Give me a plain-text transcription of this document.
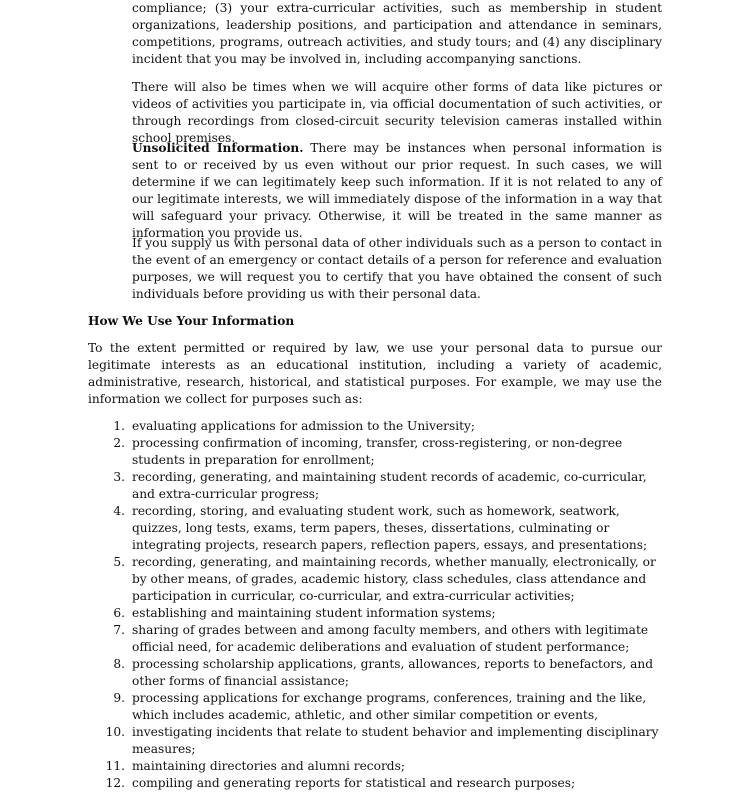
compliance; (3) your extra-curricular activities, such as membership in student organizations, leadership positions, and participation and attendance in seminars, competitions, programs, outreach activities, and study tours; and (4) any disciplinary incident that you may be involved in, including accompanying sanctions.

There will also be times when we will acquire other forms of data like pictures or videos of activities you participate in, via official documentation of such activities, or through recordings from closed-circuit security television cameras installed within school premises.

Unsolicited Information. There may be instances when personal information is sent to or received by us even without our prior request. In such cases, we will determine if we can legitimately keep such information. If it is not related to any of our legitimate interests, we will immediately dispose of the information in a way that will safeguard your privacy. Otherwise, it will be treated in the same manner as information you provide us.

If you supply us with personal data of other individuals such as a person to contact in the event of an emergency or contact details of a person for reference and evaluation purposes, we will request you to certify that you have obtained the consent of such individuals before providing us with their personal data.

How We Use Your Information

To the extent permitted or required by law, we use your personal data to pursue our legitimate interests as an educational institution, including a variety of academic, administrative, research, historical, and statistical purposes. For example, we may use the information we collect for purposes such as:

1. evaluating applications for admission to the University;
2. processing confirmation of incoming, transfer, cross-registering, or non-degree students in preparation for enrollment;
3. recording, generating, and maintaining student records of academic, co-curricular, and extra-curricular progress;
4. recording, storing, and evaluating student work, such as homework, seatwork, quizzes, long tests, exams, term papers, theses, dissertations, culminating or integrating projects, research papers, reflection papers, essays, and presentations;
5. recording, generating, and maintaining records, whether manually, electronically, or by other means, of grades, academic history, class schedules, class attendance and participation in curricular, co-curricular, and extra-curricular activities;
6. establishing and maintaining student information systems;
7. sharing of grades between and among faculty members, and others with legitimate official need, for academic deliberations and evaluation of student performance;
8. processing scholarship applications, grants, allowances, reports to benefactors, and other forms of financial assistance;
9. processing applications for exchange programs, conferences, training and the like, which includes academic, athletic, and other similar competition or events,
10. investigating incidents that relate to student behavior and implementing disciplinary measures;
11. maintaining directories and alumni records;
12. compiling and generating reports for statistical and research purposes;
